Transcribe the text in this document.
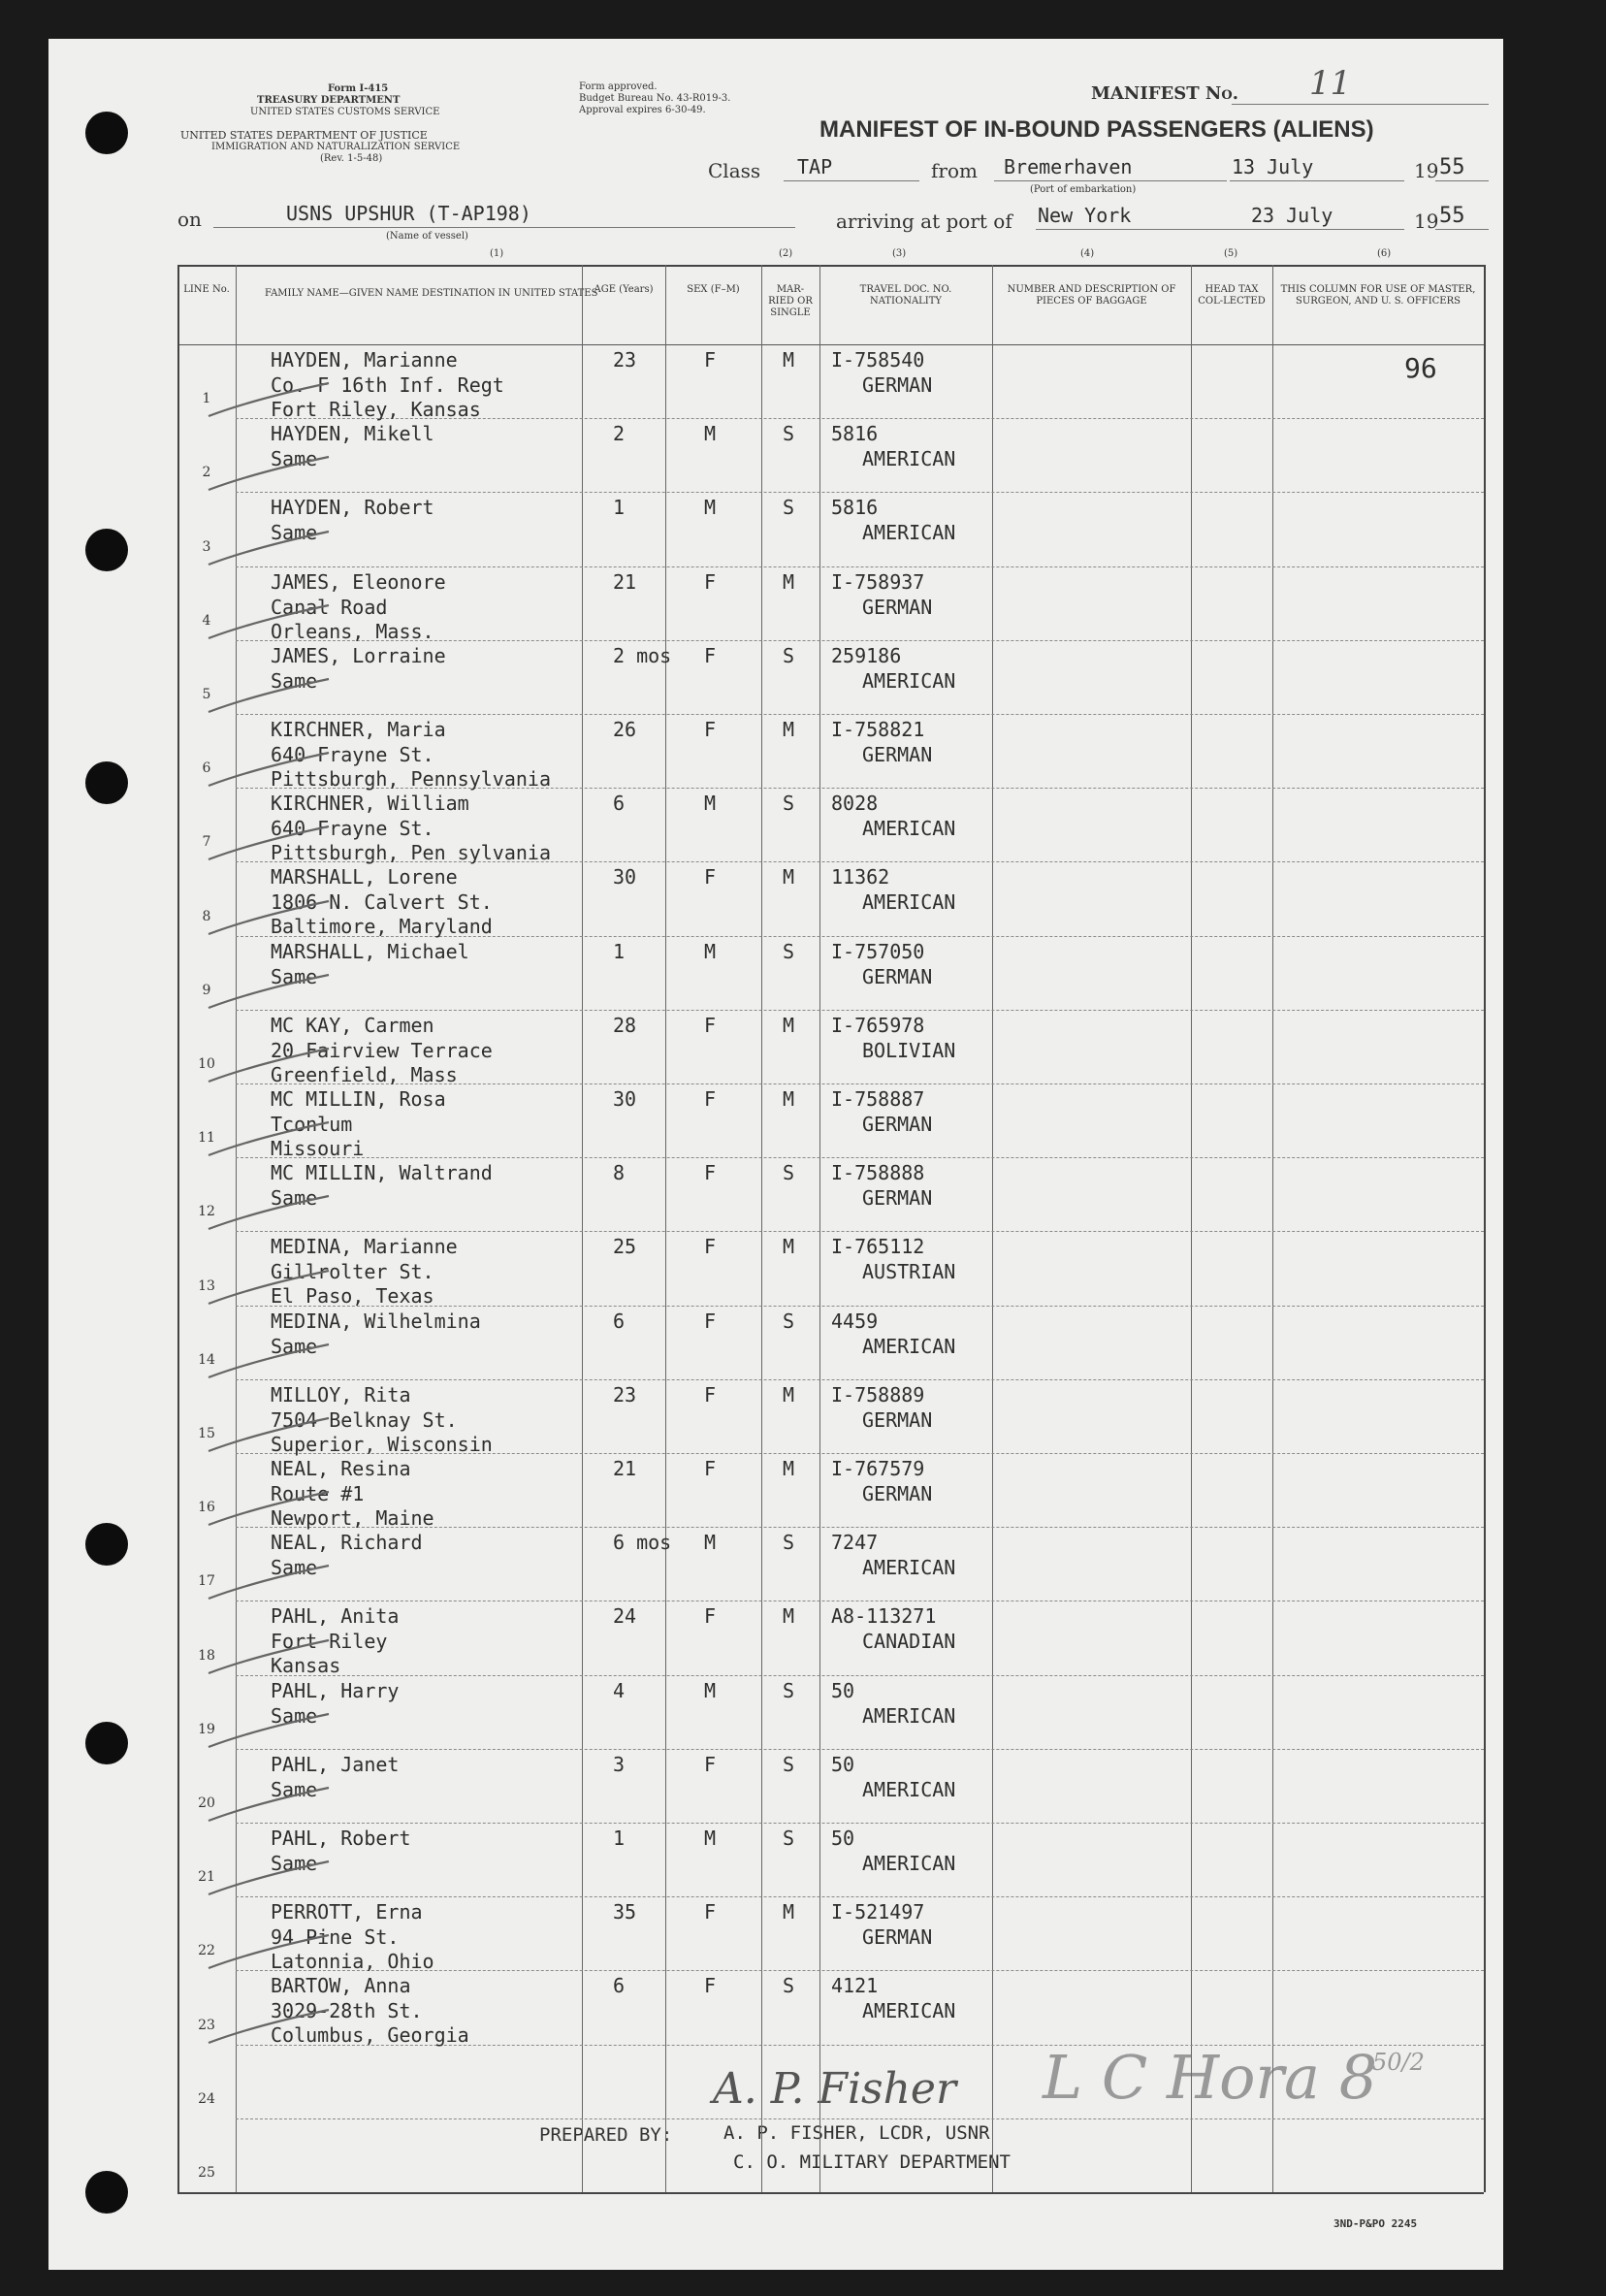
Form I-415
TREASURY DEPARTMENT
UNITED STATES CUSTOMS SERVICE
UNITED STATES DEPARTMENT OF JUSTICE
IMMIGRATION AND NATURALIZATION SERVICE
(Rev. 1-5-48)
Form approved.
Budget Bureau No. 43-R019-3.
Approval expires 6-30-49.
MANIFEST No. 11
MANIFEST OF IN-BOUND PASSENGERS (ALIENS)
Class TAP	from Bremerhaven
(Port of embarkation)
13 July	19 55
on	USNS UPSHUR (T-AP198)
(Name of vessel)
arriving at port of New York	23 July	19 55
(1)	(2)	(3)	(4)	(5)	(6)
PREPARED BY:	A. P. FISHER, LCDR, USNR
C. O. MILITARY DEPARTMENT
A. P. Fisher L C Hora 8
50/2
3ND-P&PO 2245
LINE No.	FAMILY NAME—GIVEN NAME DESTINATION IN UNITED STATES
AGE (Years)	SEX (F–M)	MAR-RIED OR SINGLE
TRAVEL DOC. NO. NATIONALITY
NUMBER AND DESCRIPTION OF PIECES OF BAGGAGE
HEAD TAX COL-LECTED
THIS COLUMN FOR USE OF MASTER, SURGEON, AND U. S. OFFICERS
1
HAYDEN, Marianne
Co. F 16th Inf. Regt
Fort Riley, Kansas
23	F	M I-758540
GERMAN
96
2
HAYDEN, Mikell
Same
2	M	S 5816
AMERICAN
3
HAYDEN, Robert
Same
1	M	S 5816
AMERICAN
4
JAMES, Eleonore
Canal Road
Orleans, Mass.
21	F	M I-758937
GERMAN
5
JAMES, Lorraine
Same
2 mos F	S 259186
AMERICAN
6
KIRCHNER, Maria
640 Frayne St.
Pittsburgh, Pennsylvania
26	F	M I-758821
GERMAN
7
KIRCHNER, William
640 Frayne St.
Pittsburgh, Pen sylvania
6	M	S 8028
AMERICAN
8
MARSHALL, Lorene
1806 N. Calvert St.
Baltimore, Maryland
30	F	M 11362
AMERICAN
9
MARSHALL, Michael
Same
1	M	S I-757050
GERMAN
10
MC KAY, Carmen
20 Fairview Terrace
Greenfield, Mass
28	F	M I-765978
BOLIVIAN
11
MC MILLIN, Rosa
Tconlum
Missouri
30	F	M I-758887
GERMAN
12
MC MILLIN, Waltrand
Same
8	F	S I-758888
GERMAN
13
MEDINA, Marianne
Gillrolter St.
El Paso, Texas
25	F	M I-765112
AUSTRIAN
14
MEDINA, Wilhelmina
Same
6	F	S 4459
AMERICAN
15
MILLOY, Rita
7504 Belknay St.
Superior, Wisconsin
23	F	M I-758889
GERMAN
16
NEAL, Resina
Route #1
Newport, Maine
21	F	M I-767579
GERMAN
17
NEAL, Richard
Same
6 mos M	S 7247
AMERICAN
18
PAHL, Anita
Fort Riley
Kansas
24	F	M A8-113271
CANADIAN
19
PAHL, Harry
Same
4	M	S 50
AMERICAN
20
PAHL, Janet
Same
3	F	S 50
AMERICAN
21
PAHL, Robert
Same
1	M	S 50
AMERICAN
22
PERROTT, Erna
94 Pine St.
Latonnia, Ohio
35	F	M I-521497
GERMAN
23
BARTOW, Anna
3029-28th St.
Columbus, Georgia
6	F	S 4121
AMERICAN
24
25
